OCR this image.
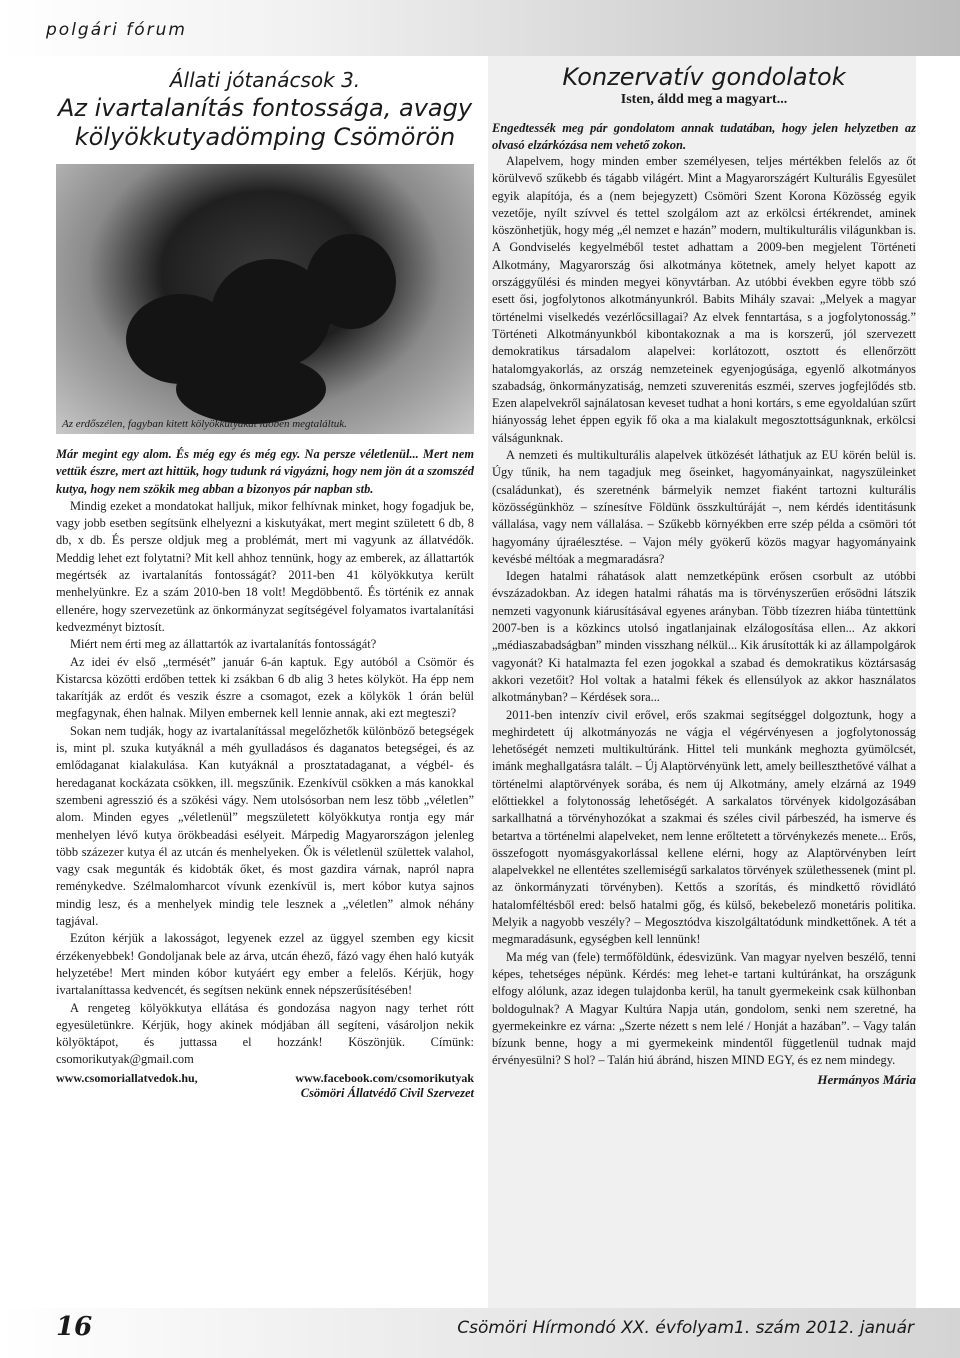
polgári fórum
Állati jótanácsok 3.
Az ivartalanítás fontossága, avagy
kölyökkutyadömping Csömörön
Az erdőszélen, fagyban kitett kölyökkutyákat időben megtaláltuk.

Már megint egy alom. És még egy és még egy. Na persze véletlenül... Mert nem vettük észre, mert azt hittük, hogy tudunk rá vigyázni, hogy nem jön át a szomszéd kutya, hogy nem szökik meg abban a bizonyos pár napban stb.

Mindig ezeket a mondatokat halljuk, mikor felhívnak minket, hogy fogadjuk be, vagy jobb esetben segítsünk elhelyezni a kiskutyákat, mert megint született 6 db, 8 db, x db. És persze oldjuk meg a problémát, mert mi vagyunk az állatvédők. Meddig lehet ezt folytatni? Mit kell ahhoz tennünk, hogy az emberek, az állattartók megértsék az ivartalanítás fontosságát? 2011-ben 41 kölyökkutya került menhelyünkre. Ez a szám 2010-ben 18 volt! Megdöbbentő. És történik ez annak ellenére, hogy szervezetünk az önkormányzat segítségével folyamatos ivartalanítási kedvezményt biztosít.

Miért nem érti meg az állattartók az ivartalanítás fontosságát?

Az idei év első „termését” január 6-án kaptuk. Egy autóból a Csömör és Kistarcsa közötti erdőben tettek ki zsákban 6 db alig 3 hetes kölyköt. Ha épp nem takarítják az erdőt és veszik észre a csomagot, ezek a kölykök 1 órán belül megfagynak, éhen halnak. Milyen embernek kell lennie annak, aki ezt megteszi?

Sokan nem tudják, hogy az ivartalanítással megelőzhetők különböző betegségek is, mint pl. szuka kutyáknál a méh gyulladásos és daganatos betegségei, és az emlődaganat kialakulása. Kan kutyáknál a prosztatadaganat, a végbél- és heredaganat kockázata csökken, ill. megszűnik. Ezenkívül csökken a más kanokkal szembeni agresszió és a szökési vágy. Nem utolsósorban nem lesz több „véletlen” alom. Minden egyes „véletlenül” megszületett kölyökkutya rontja egy már menhelyen lévő kutya örökbeadási esélyeit. Márpedig Magyarországon jelenleg több százezer kutya él az utcán és menhelyeken. Ők is véletlenül születtek valahol, vagy csak megunták és kidobták őket, és most gazdira várnak, napról napra reménykedve. Szélmalomharcot vívunk ezenkívül is, mert kóbor kutya sajnos mindig lesz, és a menhelyek mindig tele lesznek a „véletlen” almok néhány tagjával.

Ezúton kérjük a lakosságot, legyenek ezzel az üggyel szemben egy kicsit érzékenyebbek! Gondoljanak bele az árva, utcán éhező, fázó vagy éhen haló kutyák helyzetébe! Mert minden kóbor kutyáért egy ember a felelős. Kérjük, hogy ivartalaníttassa kedvencét, és segítsen nekünk ennek népszerűsítésében!

A rengeteg kölyökkutya ellátása és gondozása nagyon nagy terhet rótt egyesületünkre. Kérjük, hogy akinek módjában áll segíteni, vásároljon nekik kölyöktápot, és juttassa el hozzánk! Köszönjük. Címünk: csomorikutyak@gmail.com

www.csomoriallatvedok.hu,	www.facebook.com/csomorikutyak
Csömöri Állatvédő Civil Szervezet
Konzervatív gondolatok
Isten, áldd meg a magyart...

Engedtessék meg pár gondolatom annak tudatában, hogy jelen helyzetben az olvasó elzárkózása nem vehető zokon.

Alapelvem, hogy minden ember személyesen, teljes mértékben felelős az őt körülvevő szűkebb és tágabb világért. Mint a Magyarországért Kulturális Egyesület egyik alapítója, és a (nem bejegyzett) Csömöri Szent Korona Közösség egyik vezetője, nyílt szívvel és tettel szolgálom azt az erkölcsi értékrendet, aminek köszönhetjük, hogy még „él nemzet e hazán” modern, multikulturális világunkban is. A Gondviselés kegyelméből testet adhattam a 2009-ben megjelent Történeti Alkotmány, Magyarország ősi alkotmánya kötetnek, amely helyet kapott az országgyűlési és minden megyei könyvtárban. Az utóbbi években egyre több szó esett ősi, jogfolytonos alkotmányunkról. Babits Mihály szavai: „Melyek a magyar történelmi viselkedés vezérlőcsillagai? Az elvek fenntartása, s a jogfolytonosság.” Történeti Alkotmányunkból kibontakoznak a ma is korszerű, jól szervezett demokratikus társadalom alapelvei: korlátozott, osztott és ellenőrzött hatalomgyakorlás, az ország nemzeteinek egyenjogúsága, egyenlő alkotmányos szabadság, önkormányzatiság, nemzeti szuverenitás eszméi, szerves jogfejlődés stb. Ezen alapelvekről sajnálatosan keveset tudhat a honi kortárs, s eme egyoldalúan szűrt hiányosság lehet éppen egyik fő oka a ma kialakult megosztottságunknak, erkölcsi válságunknak.

A nemzeti és multikulturális alapelvek ütközését láthatjuk az EU körén belül is. Úgy tűnik, ha nem tagadjuk meg őseinket, hagyományainkat, nagyszüleinket (családunkat), és szeretnénk bármelyik nemzet fiaként tartozni kulturális közösségünkhöz – színesítve Földünk összkultúráját –, nem kérdés identitásunk vállalása, vagy nem vállalása. – Szűkebb környékben erre szép példa a csömöri tót hagyomány újraélesztése. – Vajon mély gyökerű közös magyar hagyományaink kevésbé méltóak a megmaradásra?

Idegen hatalmi ráhatások alatt nemzetképünk erősen csorbult az utóbbi évszázadokban. Az idegen hatalmi ráhatás ma is törvényszerűen erősödni látszik nemzeti vagyonunk kiárusításával egyenes arányban. Több tízezren hiába tüntettünk 2007-ben is a közkincs utolsó ingatlanjainak elzálogosítása ellen... Az akkori „médiaszabadságban” minden visszhang nélkül... Kik árusították ki az állampolgárok vagyonát? Ki hatalmazta fel ezen jogokkal a szabad és demokratikus köztársaság akkori vezetőit? Hol voltak a hatalmi fékek és ellensúlyok az akkor használatos alkotmányban? – Kérdések sora...

2011-ben intenzív civil erővel, erős szakmai segítséggel dolgoztunk, hogy a meghirdetett új alkotmányozás ne vágja el végérvényesen a jogfolytonosság lehetőségét nemzeti multikultúránk. Hittel teli munkánk meghozta gyümölcsét, imánk meghallgatásra talált. – Új Alaptörvényünk lett, amely beilleszthetővé válhat a történelmi alaptörvények sorába, és nem új Alkotmány, amely elzárná az 1949 előttiekkel a folytonosság lehetőségét. A sarkalatos törvények kidolgozásában sarkallhatná a törvényhozókat a szakmai és széles civil párbeszéd, ha ismerve és betartva a történelmi alapelveket, nem lenne erőltetett a törvénykezés menete... Erős, összefogott nyomásgyakorlással kellene elérni, hogy az Alaptörvényben leírt alapelvekkel ne ellentétes szellemiségű sarkalatos törvények születhessenek (mint pl. az önkormányzati törvényben). Kettős a szorítás, és mindkettő rövidlátó hatalomféltésből ered: belső hatalmi gőg, és külső, bekebelező monetáris politika. Melyik a nagyobb veszély? – Megosztódva kiszolgáltatódunk mindkettőnek. A tét a megmaradásunk, egységben kell lennünk!

Ma még van (fele) termőföldünk, édesvizünk. Van magyar nyelven beszélő, tenni képes, tehetséges népünk. Kérdés: meg lehet-e tartani kultúránkat, ha országunk elfogy alólunk, azaz idegen tulajdonba kerül, ha tanult gyermekeink csak külhonban boldogulnak? A Magyar Kultúra Napja után, gondolom, senki nem szeretné, ha gyermekeinkre ez várna: „Szerte nézett s nem lelé / Honját a hazában”. – Vagy talán bízunk benne, hogy a mi gyermekeink mindentől függetlenül tudnak majd érvényesülni? S hol? – Talán hiú ábránd, hiszen MIND EGY, és ez nem mindegy.

Hermányos Mária
16	Csömöri Hírmondó XX. évfolyam1. szám 2012. január
